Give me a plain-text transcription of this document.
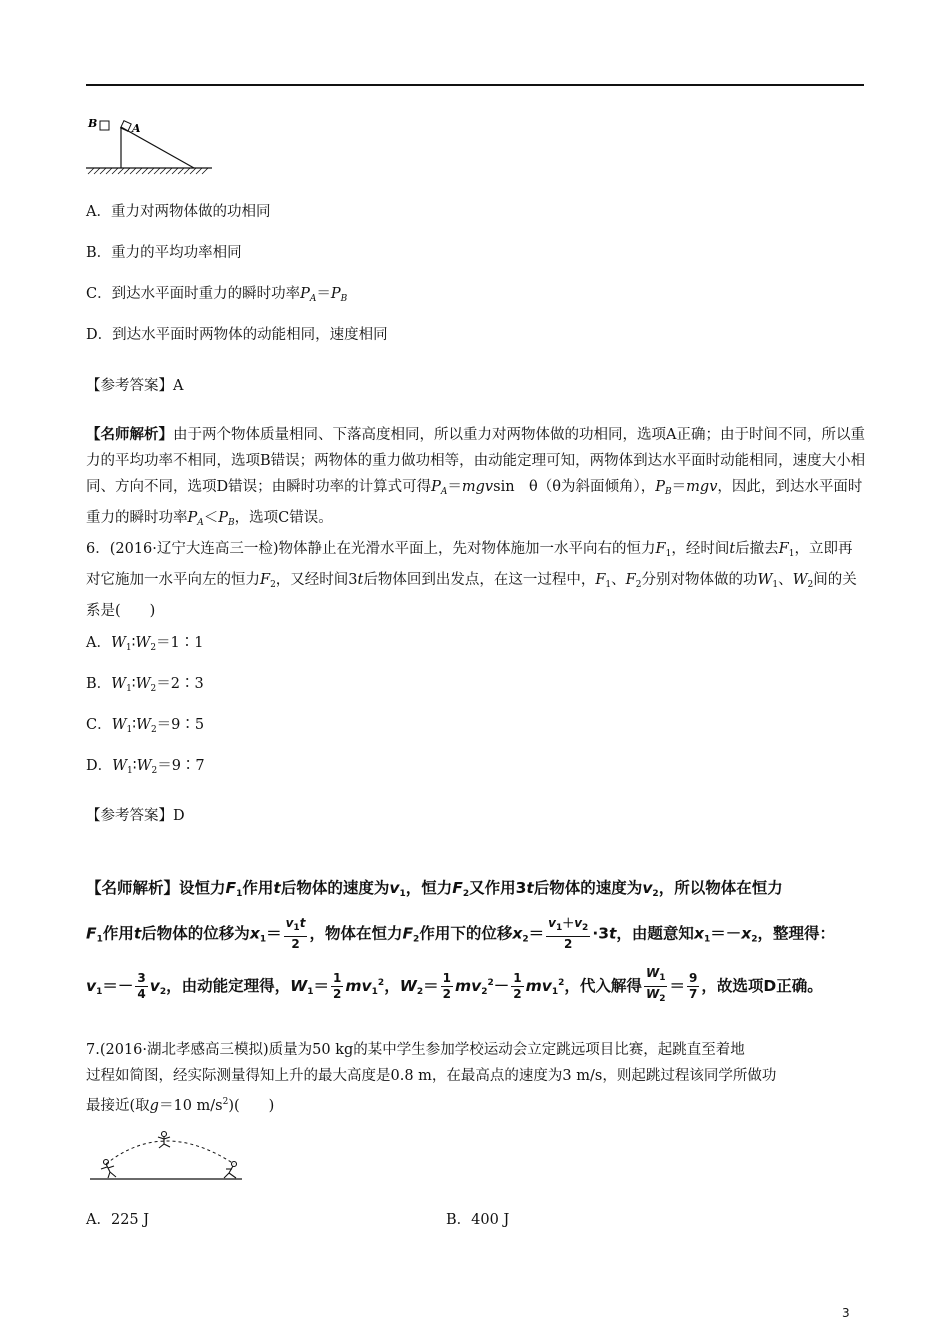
B	A
A．重力对两物体做的功相同
B．重力的平均功率相同
C．到达水平面时重力的瞬时功率$P_A=P_B$
D．到达水平面时两物体的动能相同，速度相同
【参考答案】A
【名师解析】由于两个物体质量相同、下落高度相同，所以重力对两物体做的功相同，选项A正确；由于时间不同，所以重力的平均功率不相同，选项B错误；两物体的重力做功相等，由动能定理可知，两物体到达水平面时动能相同，速度大小相同、方向不同，选项D错误；由瞬时功率的计算式可得$P_A=mgvsin$　θ（θ为斜面倾角），$P_B=mgv$，因此，到达水平面时重力的瞬时功率$P_A<P_B$，选项C错误。
6．(2016·辽宁大连高三一检)物体静止在光滑水平面上，先对物体施加一水平向右的恒力$F_1$，经时间t后撤去$F_1$，立即再对它施加一水平向左的恒力$F_2$，又经时间3t后物体回到出发点，在这一过程中，$F_1$、$F_2$分别对物体做的功$W_1$、$W_2$间的关系是(　　)
A．$W_1∶W_2=1∶1$
B．$W_1∶W_2=2∶3$
C．$W_1∶W_2=9∶5$
D．$W_1∶W_2=9∶7$
【参考答案】D
【名师解析】设恒力$F_1$作用t后物体的速度为$v_1$，恒力$F_2$又作用3t后物体的速度为$v_2$，所以物体在恒力
$F_1$作用t后物体的位移为$x_1= \frac{v_1t}{2}$ ，物体在恒力$F_2$作用下的位移$x_2= \frac{v_1+v_2}{2} \cdot 3t$，由题意知$x_1=-x_2$，整理得：
$v_1=- \frac{3}{4} v_2$，由动能定理得，$W_1= \frac{1}{2} mv_1^2$，$W_2= \frac{1}{2} mv_2^2- \frac{1}{2} mv_1^2$，代入解得 $\frac{W_1}{W_2} = \frac{9}{7}$ ，故选项D正确。
7.(2016·湖北孝感高三模拟)质量为50 kg的某中学生参加学校运动会立定跳远项目比赛，起跳直至着地
过程如简图，经实际测量得知上升的最大高度是0.8 m，在最高点的速度为3 m/s，则起跳过程该同学所做功
最接近(取g＝10 $m/s^2$)(　　)
A．225 J	B．400 J
3
